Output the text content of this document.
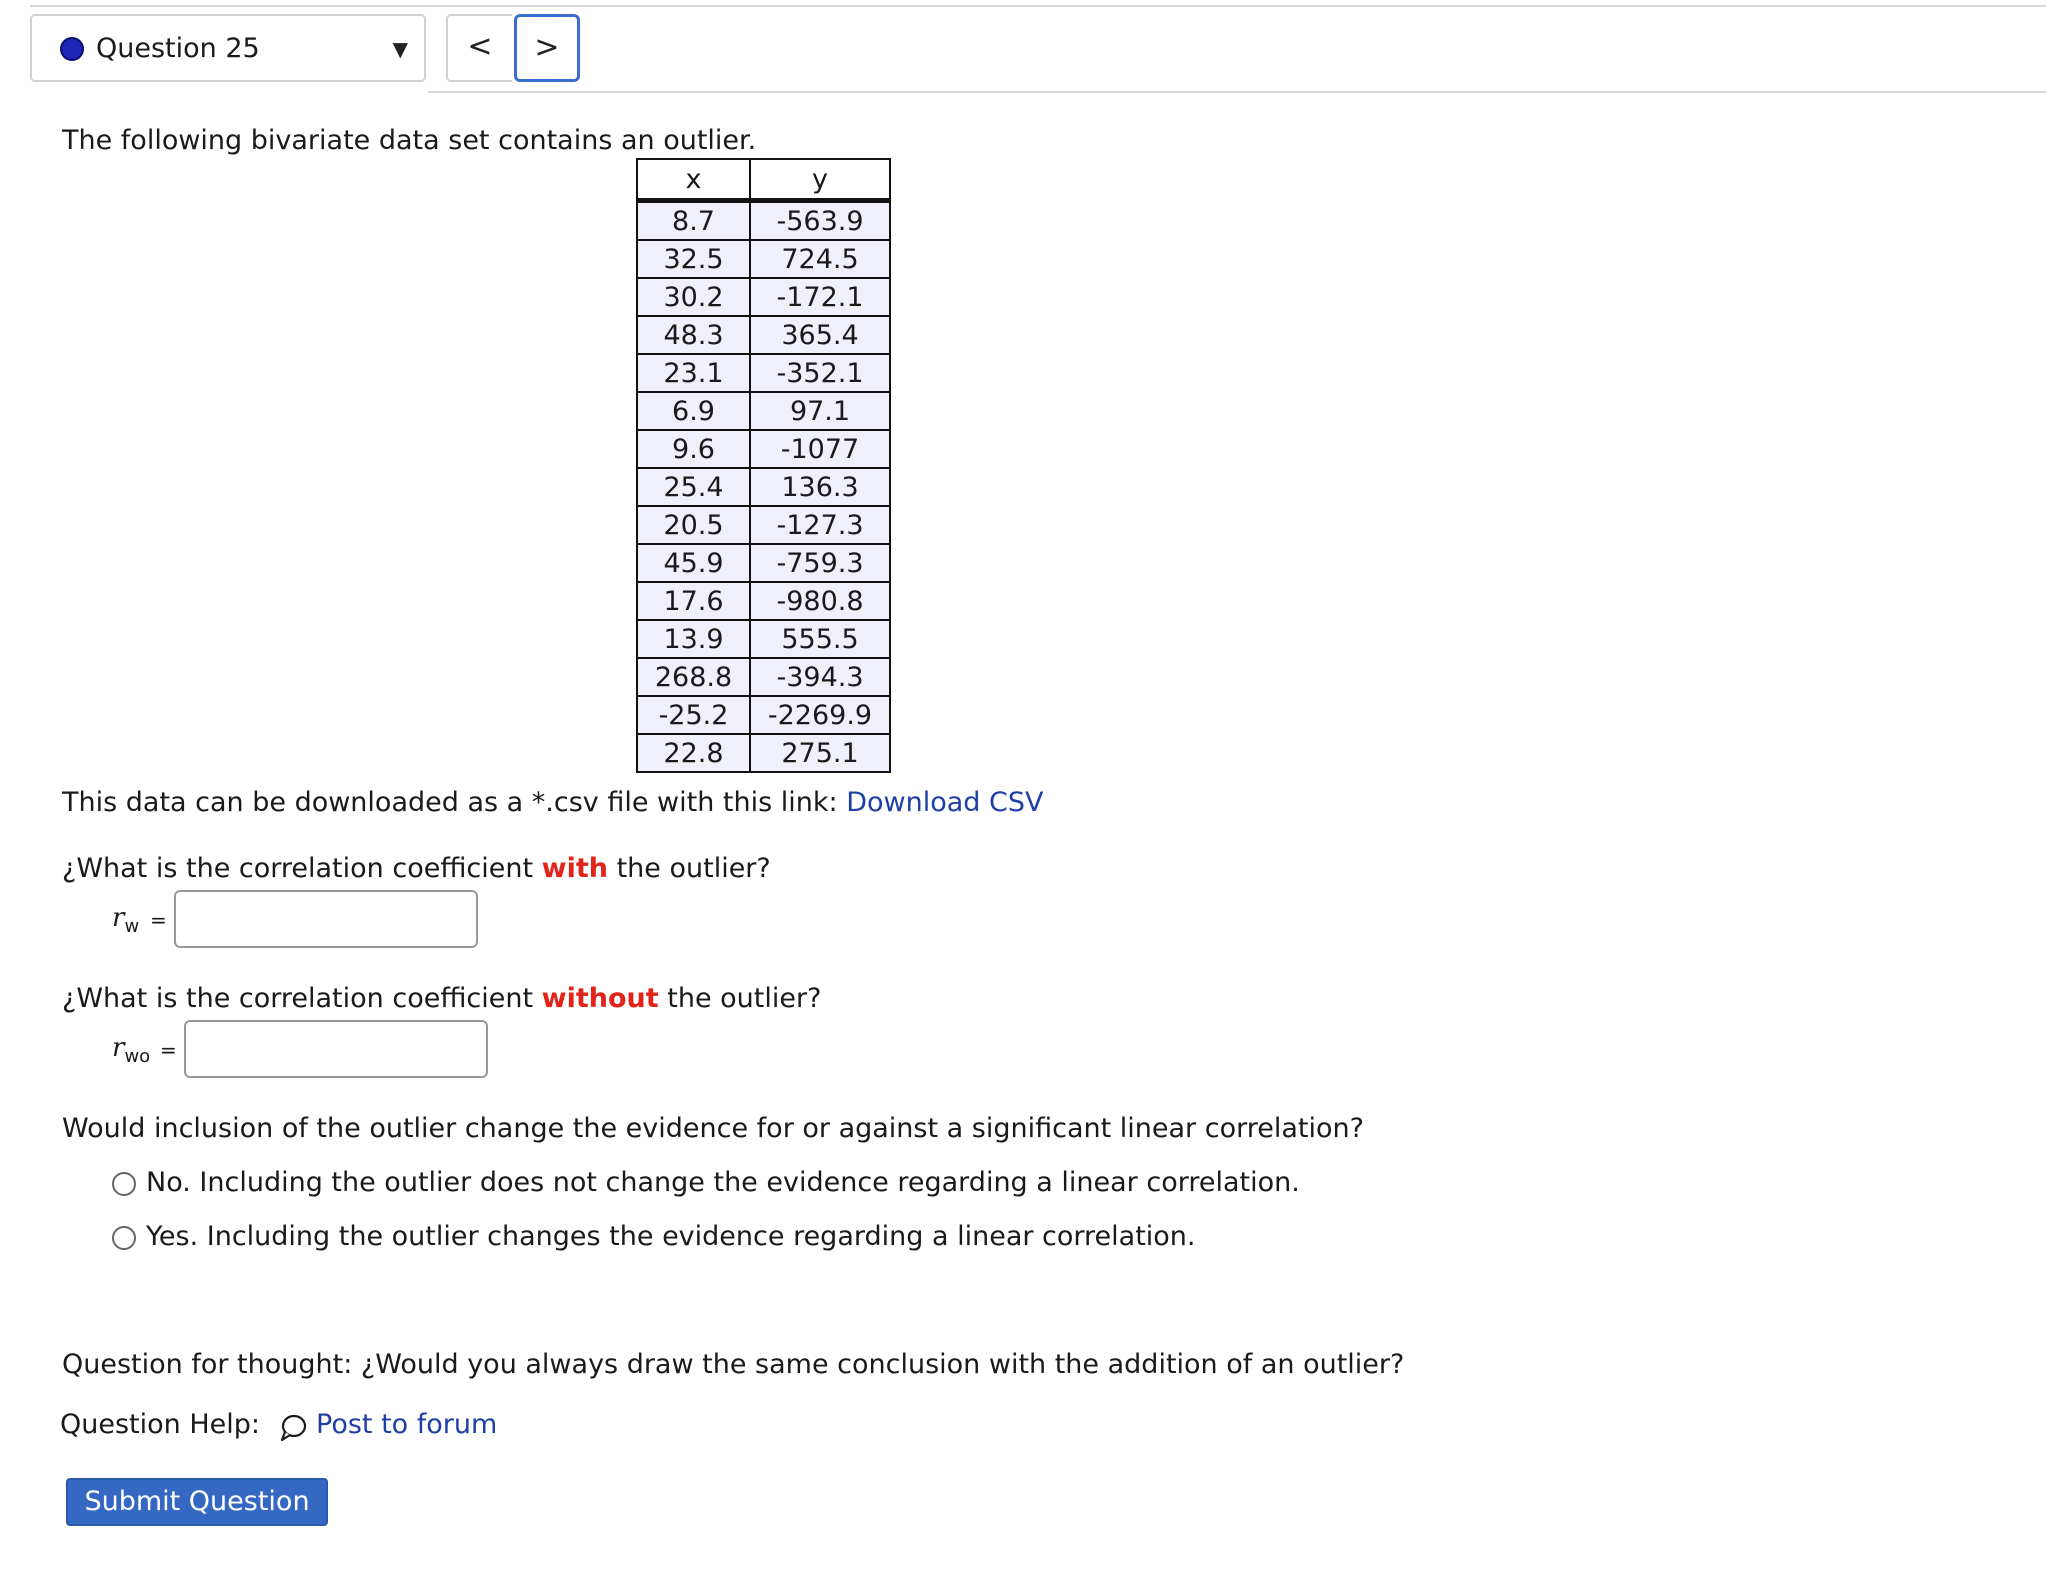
Question 25	▼	<	>
The following bivariate data set contains an outlier.
x	y
8.7	-563.9
32.5	724.5
30.2	-172.1
48.3	365.4
23.1	-352.1
6.9	97.1
9.6	-1077
25.4	136.3
20.5	-127.3
45.9	-759.3
17.6	-980.8
13.9	555.5
268.8	-394.3
-25.2	-2269.9
22.8	275.1
This data can be downloaded as a *.csv file with this link: Download CSV
¿What is the correlation coefficient with the outlier?
$r_w$ =
¿What is the correlation coefficient without the outlier?
$r_{wo}$ =
Would inclusion of the outlier change the evidence for or against a significant linear correlation?
No. Including the outlier does not change the evidence regarding a linear correlation.
Yes. Including the outlier changes the evidence regarding a linear correlation.
Question for thought: ¿Would you always draw the same conclusion with the addition of an outlier?
Question Help: Post to forum
Submit Question
